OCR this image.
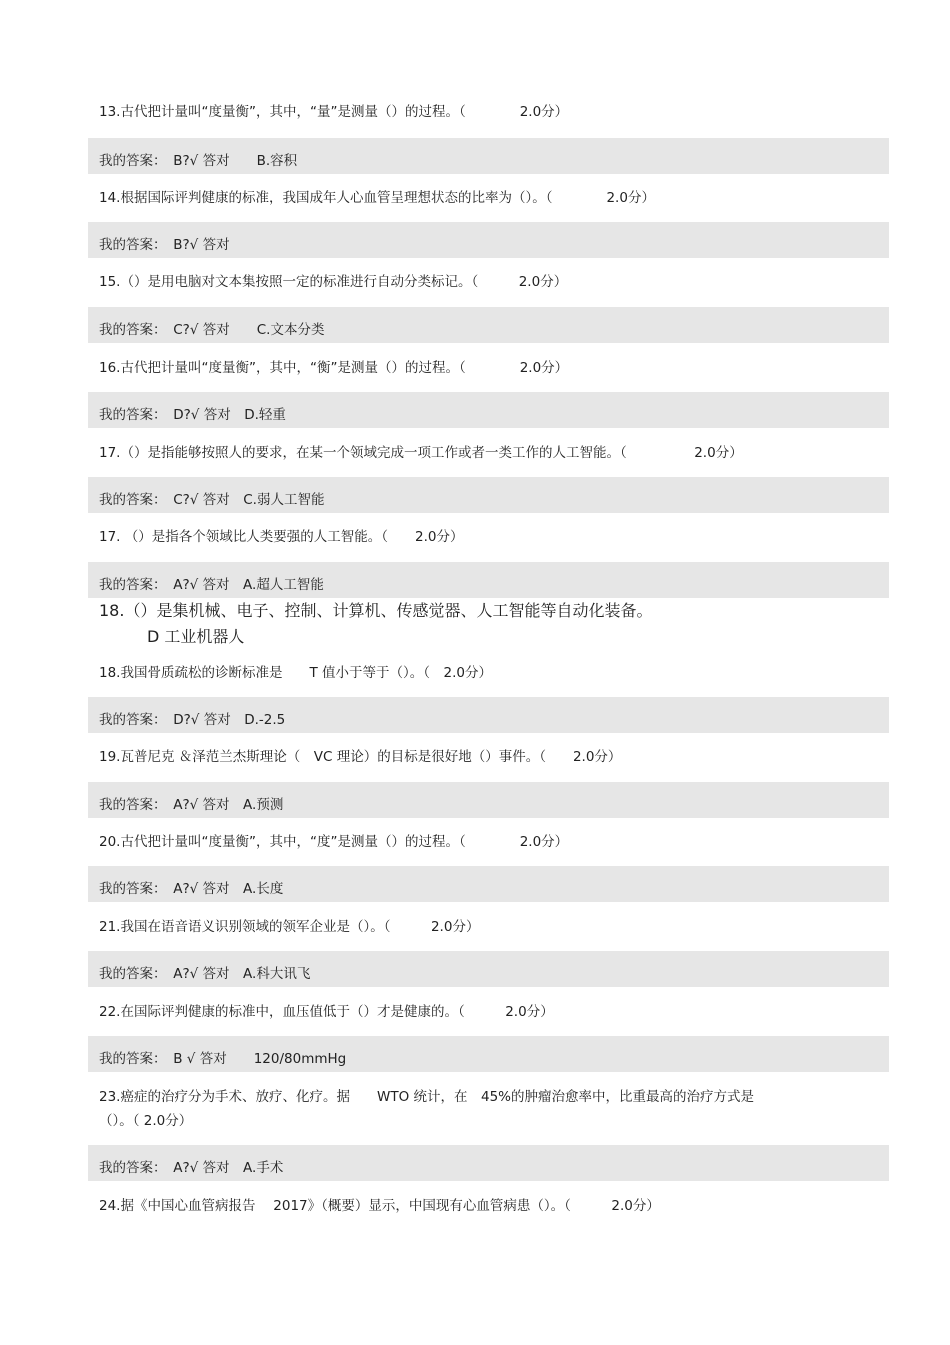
13.古代把计量叫“度量衡”，其中，“量”是测量（）的过程。（　　　　2.0分）
我的答案：　B?√ 答对　　B.容积
14.根据国际评判健康的标准，我国成年人心血管呈理想状态的比率为（）。（　　　　2.0分）
我的答案：　B?√ 答对
15.（）是用电脑对文本集按照一定的标准进行自动分类标记。（　　　2.0分）
我的答案：　C?√ 答对　　C.文本分类
16.古代把计量叫“度量衡”，其中，“衡”是测量（）的过程。（　　　　2.0分）
我的答案：　D?√ 答对　D.轻重
17.（）是指能够按照人的要求，在某一个领域完成一项工作或者一类工作的人工智能。（　　　　　2.0分）
我的答案：　C?√ 答对　C.弱人工智能
17. （）是指各个领域比人类要强的人工智能。（　　2.0分）
我的答案：　A?√ 答对　A.超人工智能
18.（）是集机械、电子、控制、计算机、传感觉器、人工智能等自动化装备。
D 工业机器人
18.我国骨质疏松的诊断标准是　　T 值小于等于（）。（　2.0分）
我的答案：　D?√ 答对　D.-2.5
19.瓦普尼克 ＆泽范兰杰斯理论（　VC 理论）的目标是很好地（）事件。（　　2.0分）
我的答案：　A?√ 答对　A.预测
20.古代把计量叫“度量衡”，其中，“度”是测量（）的过程。（　　　　2.0分）
我的答案：　A?√ 答对　A.长度
21.我国在语音语义识别领域的领军企业是（）。（　　　2.0分）
我的答案：　A?√ 答对　A.科大讯飞
22.在国际评判健康的标准中，血压值低于（）才是健康的。（　　　2.0分）
我的答案：　B √ 答对　　120/80mmHg
23.癌症的治疗分为手术、放疗、化疗。据　　WTO 统计，在　45%的肿瘤治愈率中，比重最高的治疗方式是
（）。（ 2.0分）
我的答案：　A?√ 答对　A.手术
24.据《中国心血管病报告　 2017》（概要）显示，中国现有心血管病患（）。（　　　2.0分）
